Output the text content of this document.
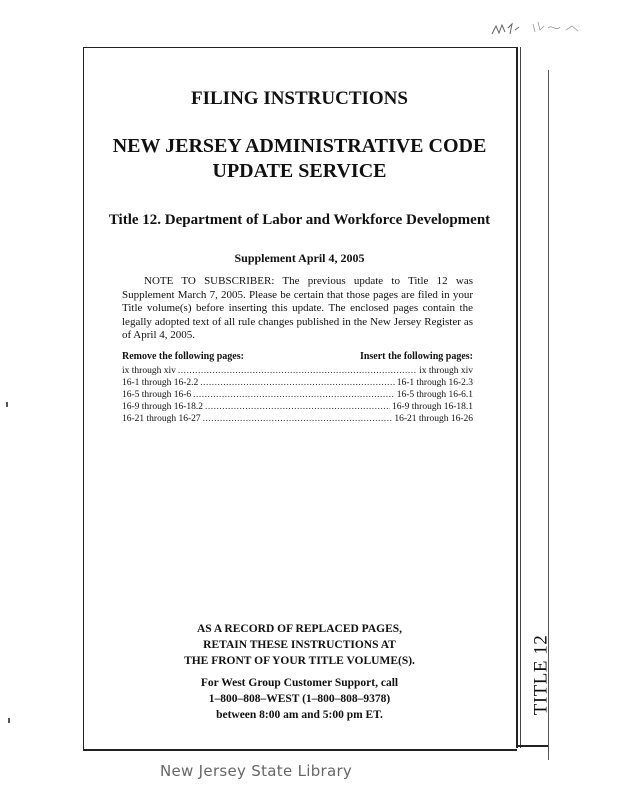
TITLE 12
FILING INSTRUCTIONS
NEW JERSEY ADMINISTRATIVE CODE
UPDATE SERVICE
Title 12. Department of Labor and Workforce Development
Supplement April 4, 2005
NOTE TO SUBSCRIBER: The previous update to Title 12 was Supplement March 7, 2005. Please be certain that those pages are filed in your Title volume(s) before inserting this update. The enclosed pages contain the legally adopted text of all rule changes published in the New Jersey Register as of April 4, 2005.
Remove the following pages:	Insert the following pages:
ix through xiv .....	ix through xiv
16-1 through 16-2.2 .....	16-1 through 16-2.3
16-5 through 16-6 .....	16-5 through 16-6.1
16-9 through 16-18.2 .....	16-9 through 16-18.1
16-21 through 16-27 .....	16-21 through 16-26
AS A RECORD OF REPLACED PAGES,
RETAIN THESE INSTRUCTIONS AT
THE FRONT OF YOUR TITLE VOLUME(S).
For West Group Customer Support, call
1–800–808–WEST (1–800–808–9378)
between 8:00 am and 5:00 pm ET.
New Jersey State Library
